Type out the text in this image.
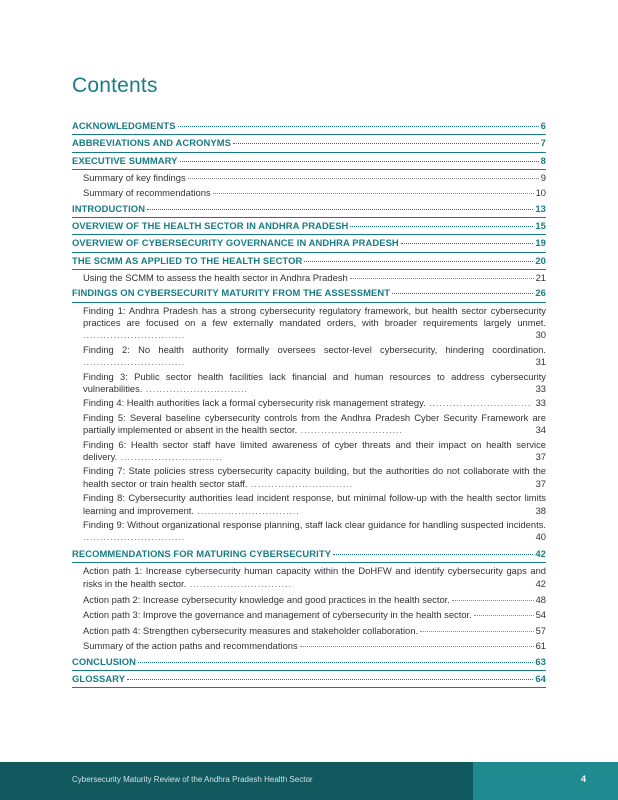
Contents
ACKNOWLEDGMENTS	6
ABBREVIATIONS AND ACRONYMS	7
EXECUTIVE SUMMARY	8
Summary of key findings	9
Summary of recommendations	10
INTRODUCTION	13
OVERVIEW OF THE HEALTH SECTOR IN ANDHRA PRADESH	15
OVERVIEW OF CYBERSECURITY GOVERNANCE IN ANDHRA PRADESH	19
THE SCMM AS APPLIED TO THE HEALTH SECTOR	20
Using the SCMM to assess the health sector in Andhra Pradesh	21
FINDINGS ON CYBERSECURITY MATURITY FROM THE ASSESSMENT	26
Finding 1: Andhra Pradesh has a strong cybersecurity regulatory framework, but health sector cybersecurity practices are focused on a few externally mandated orders, with broader requirements largely unmet. ..............................	30
Finding 2: No health authority formally oversees sector-level cybersecurity, hindering coordination. ..............................	31
Finding 3: Public sector health facilities lack financial and human resources to address cybersecurity vulnerabilities. ..............................	33
Finding 4: Health authorities lack a formal cybersecurity risk management strategy. .............................. 33
Finding 5: Several baseline cybersecurity controls from the Andhra Pradesh Cyber Security Framework are partially implemented or absent in the health sector. ..............................	34
Finding 6: Health sector staff have limited awareness of cyber threats and their impact on health service delivery. ..............................	37
Finding 7: State policies stress cybersecurity capacity building, but the authorities do not collaborate with the health sector or train health sector staff. ..............................	37
Finding 8: Cybersecurity authorities lead incident response, but minimal follow-up with the health sector limits learning and improvement. ..............................	38
Finding 9: Without organizational response planning, staff lack clear guidance for handling suspected incidents. ..............................	40
RECOMMENDATIONS FOR MATURING CYBERSECURITY	42
Action path 1: Increase cybersecurity human capacity within the DoHFW and identify cybersecurity gaps and risks in the health sector. ..............................	42
Action path 2: Increase cybersecurity knowledge and good practices in the health sector.	48
Action path 3: Improve the governance and management of cybersecurity in the health sector.	54
Action path 4: Strengthen cybersecurity measures and stakeholder collaboration.	57
Summary of the action paths and recommendations	61
CONCLUSION	63
GLOSSARY	64
Cybersecurity Maturity Review of the Andhra Pradesh Health Sector	4
